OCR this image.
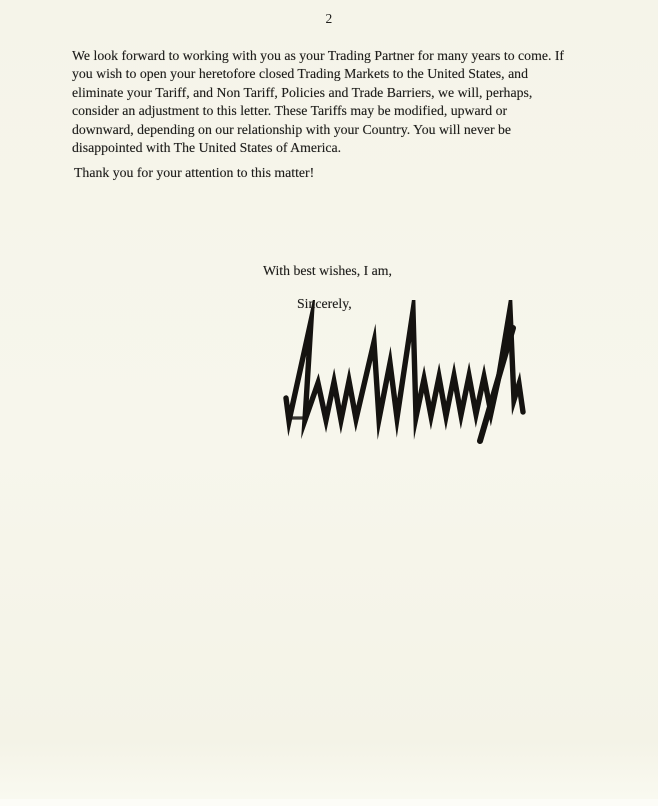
2
We look forward to working with you as your Trading Partner for many years to come. If
you wish to open your heretofore closed Trading Markets to the United States, and
eliminate your Tariff, and Non Tariff, Policies and Trade Barriers, we will, perhaps,
consider an adjustment to this letter. These Tariffs may be modified, upward or
downward, depending on our relationship with your Country. You will never be
disappointed with The United States of America.
Thank you for your attention to this matter!
With best wishes, I am,
Sincerely,
